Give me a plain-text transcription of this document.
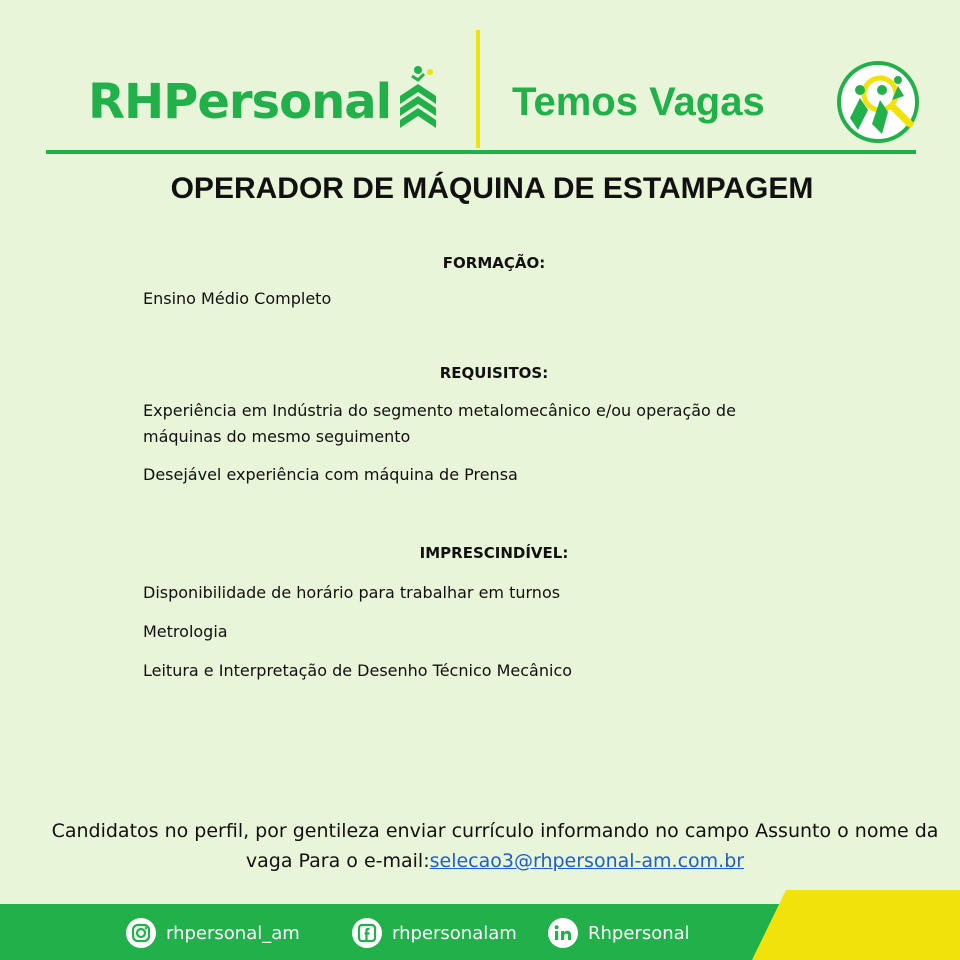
RHPersonal	Temos Vagas
OPERADOR DE MÁQUINA DE ESTAMPAGEM
FORMAÇÃO:
Ensino Médio Completo
REQUISITOS:
Experiência em Indústria do segmento metalomecânico e/ou operação de máquinas do mesmo seguimento
Desejável experiência com máquina de Prensa
IMPRESCINDÍVEL:
Disponibilidade de horário para trabalhar em turnos
Metrologia
Leitura e Interpretação de Desenho Técnico Mecânico
Candidatos no perfil, por gentileza enviar currículo informando no campo Assunto o nome da vaga Para o e-mail:selecao3@rhpersonal-am.com.br
rhpersonal_am	rhpersonalam	Rhpersonal
